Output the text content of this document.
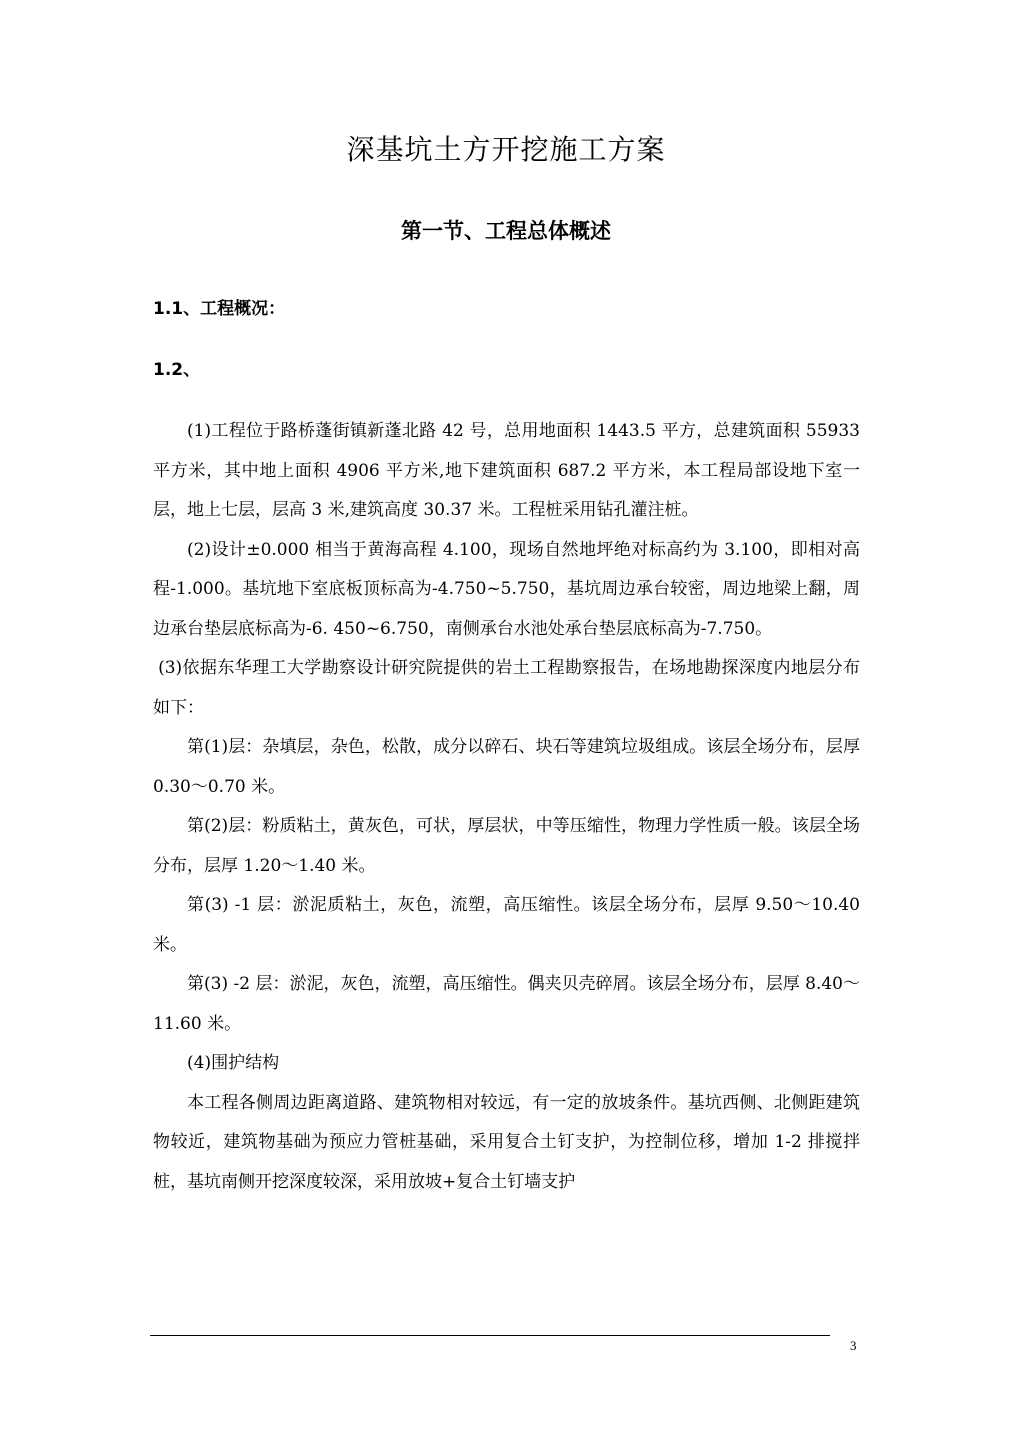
深基坑土方开挖施工方案
第一节、工程总体概述
1.1、工程概况：
1.2、

(1)工程位于路桥蓬街镇新蓬北路 42 号，总用地面积 1443.5 平方，总建筑面积 55933 平方米，其中地上面积 4906 平方米,地下建筑面积 687.2 平方米，本工程局部设地下室一层，地上七层，层高 3 米,建筑高度 30.37 米。工程桩采用钻孔灌注桩。

(2)设计±0.000 相当于黄海高程 4.100，现场自然地坪绝对标高约为 3.100，即相对高程-1.000。基坑地下室底板顶标高为-4.750~5.750，基坑周边承台较密，周边地梁上翻，周边承台垫层底标高为-6. 450~6.750，南侧承台水池处承台垫层底标高为-7.750。

(3)依据东华理工大学勘察设计研究院提供的岩土工程勘察报告，在场地勘探深度内地层分布如下：

第(1)层：杂填层，杂色，松散，成分以碎石、块石等建筑垃圾组成。该层全场分布，层厚 0.30～0.70 米。

第(2)层：粉质粘土，黄灰色，可状，厚层状，中等压缩性，物理力学性质一般。该层全场分布，层厚 1.20～1.40 米。

第(3) -1 层：淤泥质粘土，灰色，流塑，高压缩性。该层全场分布，层厚 9.50～10.40 米。

第(3) -2 层：淤泥，灰色，流塑，高压缩性。偶夹贝壳碎屑。该层全场分布，层厚 8.40～11.60 米。

(4)围护结构

本工程各侧周边距离道路、建筑物相对较远，有一定的放坡条件。基坑西侧、北侧距建筑物较近，建筑物基础为预应力管桩基础，采用复合土钉支护，为控制位移，增加 1-2 排搅拌桩，基坑南侧开挖深度较深，采用放坡+复合土钉墙支护

3
